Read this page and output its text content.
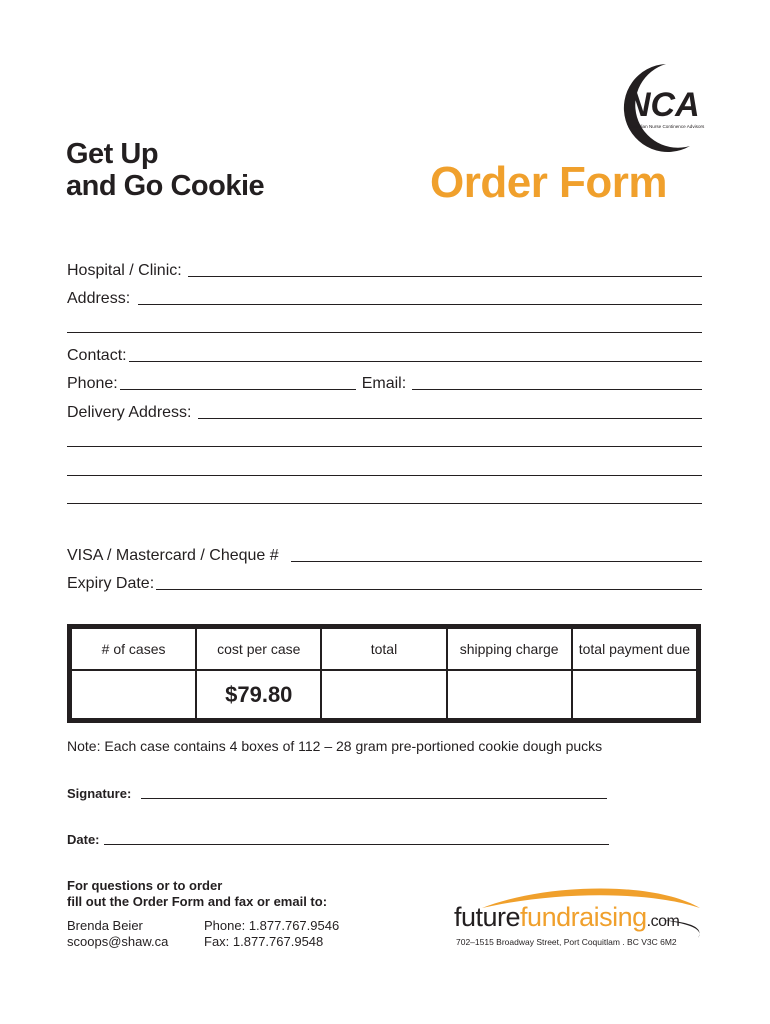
NCA
Canadian Nurse Continence Advisors
Get Up
and Go Cookie	Order Form
Hospital / Clinic:
Address:
Contact:
Phone:	Email:
Delivery Address:
VISA / Mastercard / Cheque #
Expiry Date:
# of cases	cost per case	total	shipping charge	total payment due
	$79.80			
Note: Each case contains 4 boxes of 112 – 28 gram pre-portioned cookie dough pucks
Signature:
Date:
For questions or to order
fill out the Order Form and fax or email to:
Brenda Beier
scoops@shaw.ca
Phone: 1.877.767.9546
Fax: 1.877.767.9548
futurefundraising.com
702–1515 Broadway Street, Port Coquitlam . BC V3C 6M2
